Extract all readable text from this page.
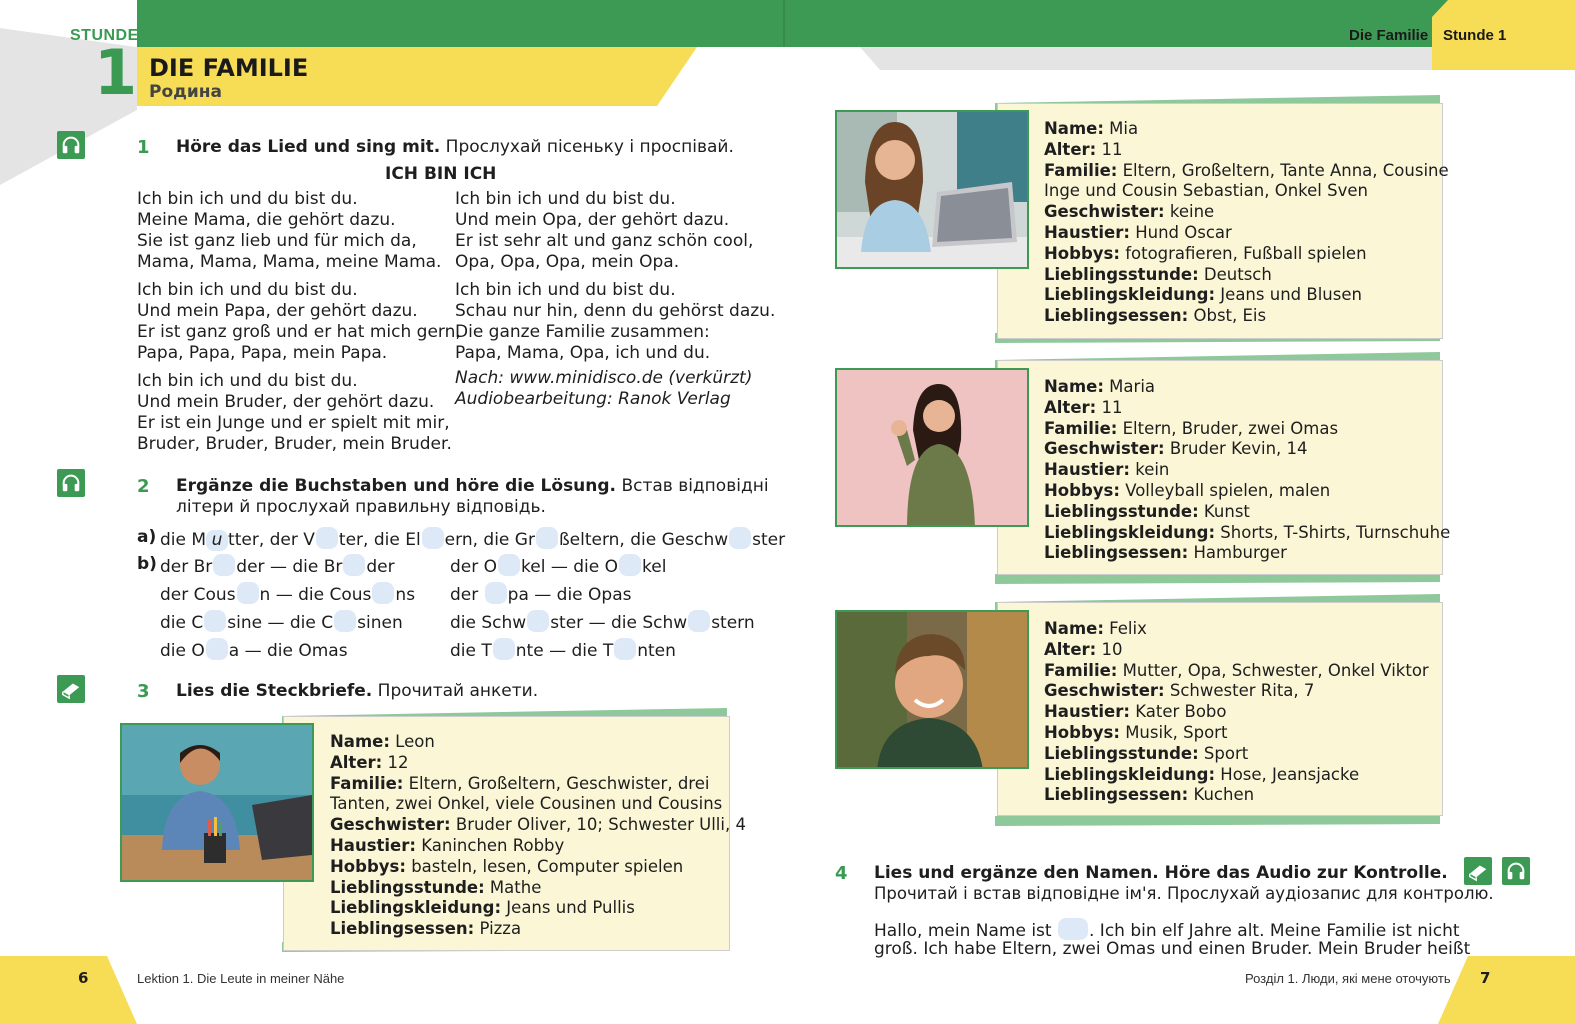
STUNDE
1 DIE FAMILIE
Родина
Die Familie Stunde 1
1 Höre das Lied und sing mit. Прослухай пісеньку і проспівай.
ICH BIN ICH
Ich bin ich und du bist du.
Meine Mama, die gehört dazu.
Sie ist ganz lieb und für mich da,
Mama, Mama, Mama, meine Mama.
Ich bin ich und du bist du.
Und mein Papa, der gehört dazu.
Er ist ganz groß und er hat mich gern,
Papa, Papa, Papa, mein Papa.
Ich bin ich und du bist du.
Und mein Bruder, der gehört dazu.
Er ist ein Junge und er spielt mit mir,
Bruder, Bruder, Bruder, mein Bruder.
Ich bin ich und du bist du.
Und mein Opa, der gehört dazu.
Er ist sehr alt und ganz schön cool,
Opa, Opa, Opa, mein Opa.
Ich bin ich und du bist du.
Schau nur hin, denn du gehörst dazu.
Die ganze Familie zusammen:
Papa, Mama, Opa, ich und du.
Nach: www.minidisco.de (verkürzt)
Audiobearbeitung: Ranok Verlag
2 Ergänze die Buchstaben und höre die Lösung. Встав відповідні
літери й прослухай правильну відповідь.
a) die M u tter, der V ter, die El ern, die Gr ßeltern, die Geschw ster
b) der Br der — die Br der
der Cous n — die Cous ns
die C sine — die C sinen
die O a — die Omas
der O kel — die O kel
der pa — die Opas
die Schw ster — die Schw stern
die T nte — die T nten
3 Lies die Steckbriefe. Прочитай анкети.
Name: Leon
Alter: 12
Familie: Eltern, Großeltern, Geschwister, drei
Tanten, zwei Onkel, viele Cousinen und Cousins
Geschwister: Bruder Oliver, 10; Schwester Ulli, 4
Haustier: Kaninchen Robby
Hobbys: basteln, lesen, Computer spielen
Lieblingsstunde: Mathe
Lieblingskleidung: Jeans und Pullis
Lieblingsessen: Pizza
Name: Mia
Alter: 11
Familie: Eltern, Großeltern, Tante Anna, Cousine
Inge und Cousin Sebastian, Onkel Sven
Geschwister: keine
Haustier: Hund Oscar
Hobbys: fotografieren, Fußball spielen
Lieblingsstunde: Deutsch
Lieblingskleidung: Jeans und Blusen
Lieblingsessen: Obst, Eis
Name: Maria
Alter: 11
Familie: Eltern, Bruder, zwei Omas
Geschwister: Bruder Kevin, 14
Haustier: kein
Hobbys: Volleyball spielen, malen
Lieblingsstunde: Kunst
Lieblingskleidung: Shorts, T-Shirts, Turnschuhe
Lieblingsessen: Hamburger
Name: Felix
Alter: 10
Familie: Mutter, Opa, Schwester, Onkel Viktor
Geschwister: Schwester Rita, 7
Haustier: Kater Bobo
Hobbys: Musik, Sport
Lieblingsstunde: Sport
Lieblingskleidung: Hose, Jeansjacke
Lieblingsessen: Kuchen
4 Lies und ergänze den Namen. Höre das Audio zur Kontrolle.
Прочитай і встав відповідне ім'я. Прослухай аудіозапис для контролю.
Hallo, mein Name ist . Ich bin elf Jahre alt. Meine Familie ist nicht
groß. Ich habe Eltern, zwei Omas und einen Bruder. Mein Bruder heißt
6	Lektion 1. Die Leute in meiner Nähe	Розділ 1. Люди, які мене оточують 7
